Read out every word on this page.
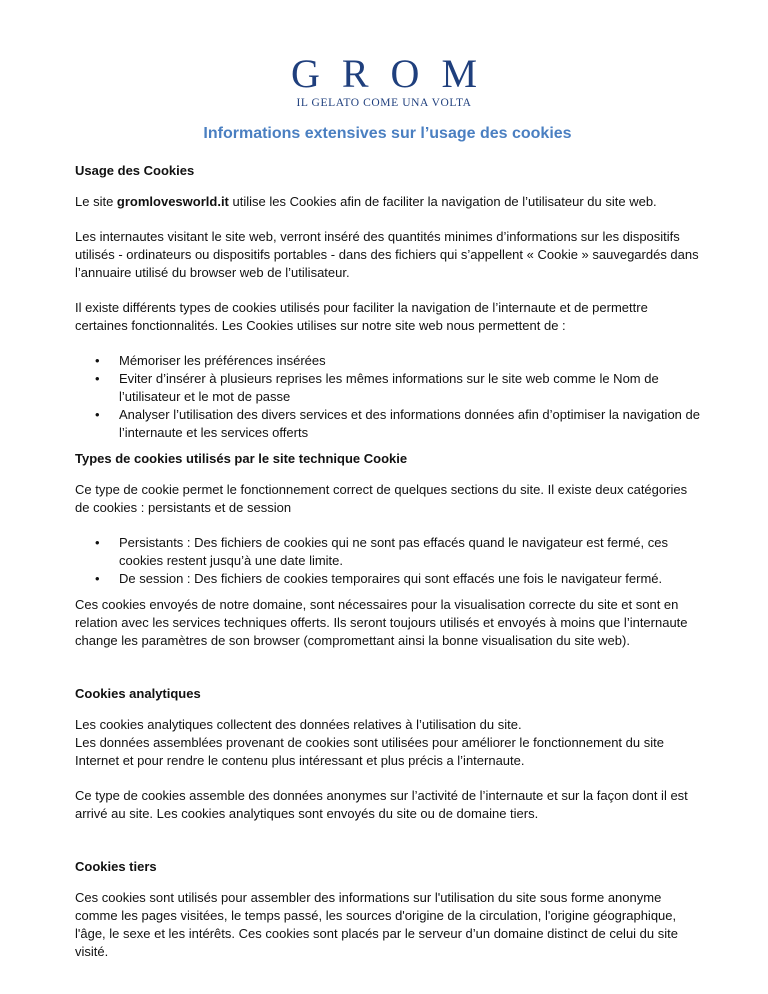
GROM
IL GELATO COME UNA VOLTA
Informations extensives sur l’usage des cookies
Usage des Cookies

Le site gromlovesworld.it utilise les Cookies afin de faciliter la navigation de l’utilisateur du site web.

Les internautes visitant le site web, verront inséré des quantités minimes d’informations sur les dispositifs utilisés - ordinateurs ou dispositifs portables - dans des fichiers qui s’appellent « Cookie » sauvegardés dans l’annuaire utilisé du browser web de l’utilisateur.

Il existe différents types de cookies utilisés pour faciliter la navigation de l’internaute et de permettre certaines fonctionnalités. Les Cookies utilises sur notre site web nous permettent de :

• Mémoriser les préférences insérées
• Eviter d’insérer à plusieurs reprises les mêmes informations sur le site web comme le Nom de l’utilisateur et le mot de passe
• Analyser l’utilisation des divers services et des informations données afin d’optimiser la navigation de l’internaute et les services offerts
Types de cookies utilisés par le site technique Cookie

Ce type de cookie permet le fonctionnement correct de quelques sections du site. Il existe deux catégories de cookies : persistants et de session

• Persistants : Des fichiers de cookies qui ne sont pas effacés quand le navigateur est fermé, ces cookies restent jusqu’à une date limite.
• De session : Des fichiers de cookies temporaires qui sont effacés une fois le navigateur fermé.

Ces cookies envoyés de notre domaine, sont nécessaires pour la visualisation correcte du site et sont en relation avec les services techniques offerts. Ils seront toujours utilisés et envoyés à moins que l’internaute change les paramètres de son browser (compromettant ainsi la bonne visualisation du site web).

Cookies analytiques

Les cookies analytiques collectent des données relatives à l’utilisation du site.
Les données assemblées provenant de cookies sont utilisées pour améliorer le fonctionnement du site Internet et pour rendre le contenu plus intéressant et plus précis a l’internaute.

Ce type de cookies assemble des données anonymes sur l’activité de l’internaute et sur la façon dont il est arrivé au site. Les cookies analytiques sont envoyés du site ou de domaine tiers.

Cookies tiers

Ces cookies sont utilisés pour assembler des informations sur l'utilisation du site sous forme anonyme comme les pages visitées, le temps passé, les sources d'origine de la circulation, l'origine géographique, l'âge, le sexe et les intérêts. Ces cookies sont placés par le serveur d’un domaine distinct de celui du site visité.
